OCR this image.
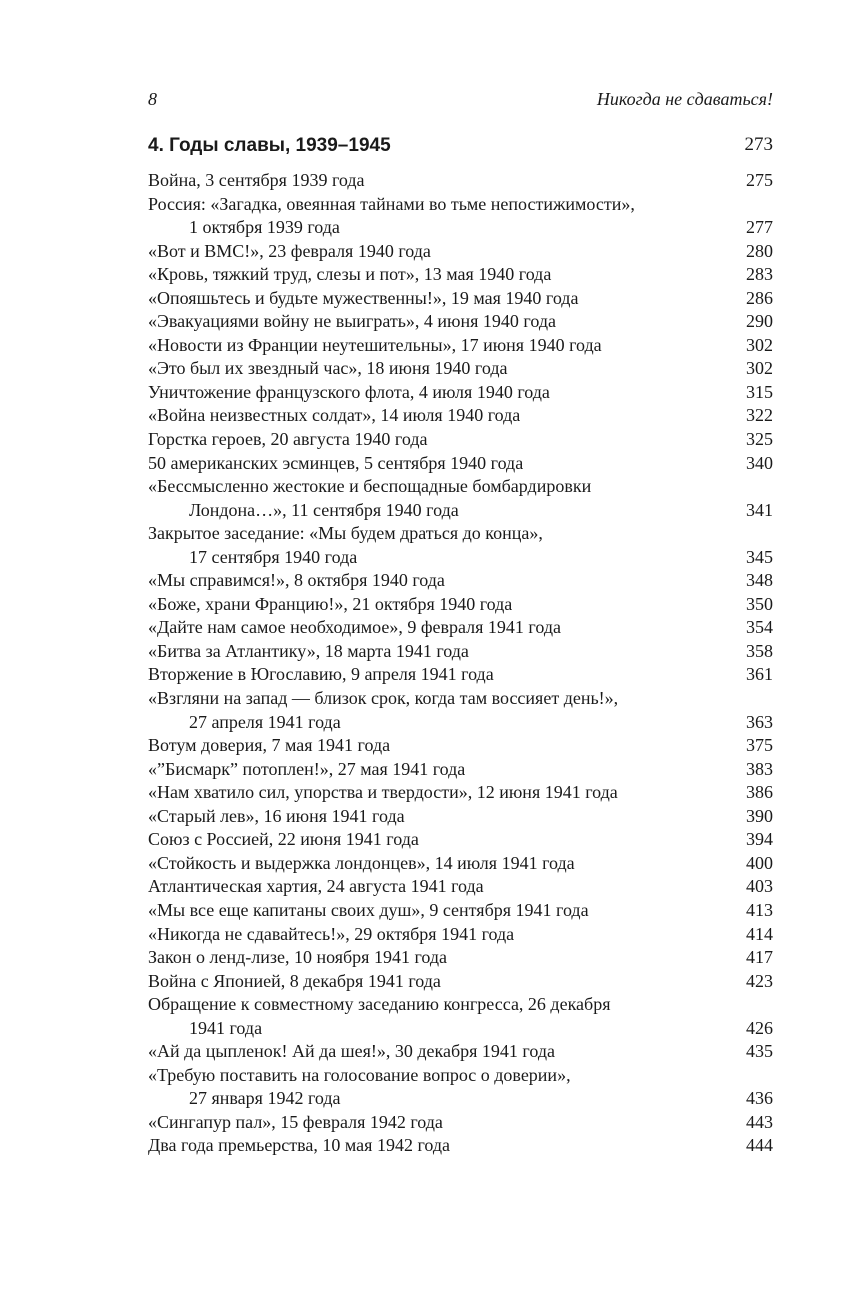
8	Никогда не сдаваться!
4. Годы славы, 1939–1945	273
Война, 3 сентября 1939 года	275
Россия: «Загадка, овеянная тайнами во тьме непостижимости»,
1 октября 1939 года	277
«Вот и ВМС!», 23 февраля 1940 года	280
«Кровь, тяжкий труд, слезы и пот», 13 мая 1940 года	283
«Опояшьтесь и будьте мужественны!», 19 мая 1940 года	286
«Эвакуациями войну не выиграть», 4 июня 1940 года	290
«Новости из Франции неутешительны», 17 июня 1940 года	302
«Это был их звездный час», 18 июня 1940 года	302
Уничтожение французского флота, 4 июля 1940 года	315
«Война неизвестных солдат», 14 июля 1940 года	322
Горстка героев, 20 августа 1940 года	325
50 американских эсминцев, 5 сентября 1940 года	340
«Бессмысленно жестокие и беспощадные бомбардировки
Лондона…», 11 сентября 1940 года	341
Закрытое заседание: «Мы будем драться до конца»,
17 сентября 1940 года	345
«Мы справимся!», 8 октября 1940 года	348
«Боже, храни Францию!», 21 октября 1940 года	350
«Дайте нам самое необходимое», 9 февраля 1941 года	354
«Битва за Атлантику», 18 марта 1941 года	358
Вторжение в Югославию, 9 апреля 1941 года	361
«Взгляни на запад — близок срок, когда там воссияет день!»,
27 апреля 1941 года	363
Вотум доверия, 7 мая 1941 года	375
«”Бисмарк” потоплен!», 27 мая 1941 года	383
«Нам хватило сил, упорства и твердости», 12 июня 1941 года	386
«Старый лев», 16 июня 1941 года	390
Союз с Россией, 22 июня 1941 года	394
«Стойкость и выдержка лондонцев», 14 июля 1941 года	400
Атлантическая хартия, 24 августа 1941 года	403
«Мы все еще капитаны своих душ», 9 сентября 1941 года	413
«Никогда не сдавайтесь!», 29 октября 1941 года	414
Закон о ленд-лизе, 10 ноября 1941 года	417
Война с Японией, 8 декабря 1941 года	423
Обращение к совместному заседанию конгресса, 26 декабря
1941 года	426
«Ай да цыпленок! Ай да шея!», 30 декабря 1941 года	435
«Требую поставить на голосование вопрос о доверии»,
27 января 1942 года	436
«Сингапур пал», 15 февраля 1942 года	443
Два года премьерства, 10 мая 1942 года	444
